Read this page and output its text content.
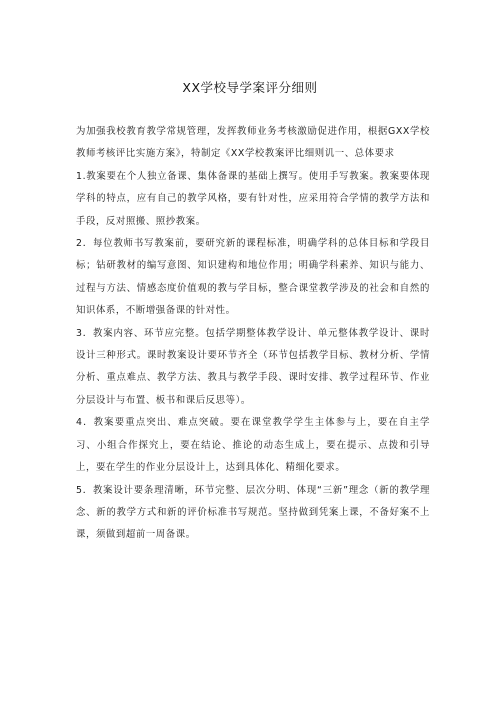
XX学校导学案评分细则

为加强我校教育教学常规管理，发挥教师业务考核激励促进作用，根据GXX学校教师考核评比实施方案》，特制定《XX学校教案评比细则讥一、总体要求

1.教案要在个人独立备课、集体备课的基础上撰写。使用手写教案。教案要体现学科的特点，应有自己的教学风格，要有针对性，应采用符合学情的教学方法和手段，反对照搬、照抄教案。

2．每位教师书写教案前，要研究新的课程标准，明确学科的总体目标和学段目标；钻研教材的编写意图、知识建构和地位作用；明确学科素养、知识与能力、过程与方法、情感态度价值观的教与学目标，整合课堂教学涉及的社会和自然的知识体系，不断增强备课的针对性。

3．教案内容、环节应完整。包括学期整体教学设计、单元整体教学设计、课时设计三种形式。课时教案设计要环节齐全（环节包括教学目标、教材分析、学情分析、重点难点、教学方法、教具与教学手段、课时安排、教学过程环节、作业分层设计与布置、板书和课后反思等）。

4．教案要重点突出、难点突破。要在课堂教学学生主体参与上，要在自主学习、小组合作探究上，要在结论、推论的动态生成上，要在提示、点拨和引导上，要在学生的作业分层设计上，达到具体化、精细化要求。

5．教案设计要条理清晰，环节完整、层次分明、体现“三新”理念（新的教学理念、新的教学方式和新的评价标准书写规范。坚持做到凭案上课，不备好案不上课，须做到超前一周备课。
